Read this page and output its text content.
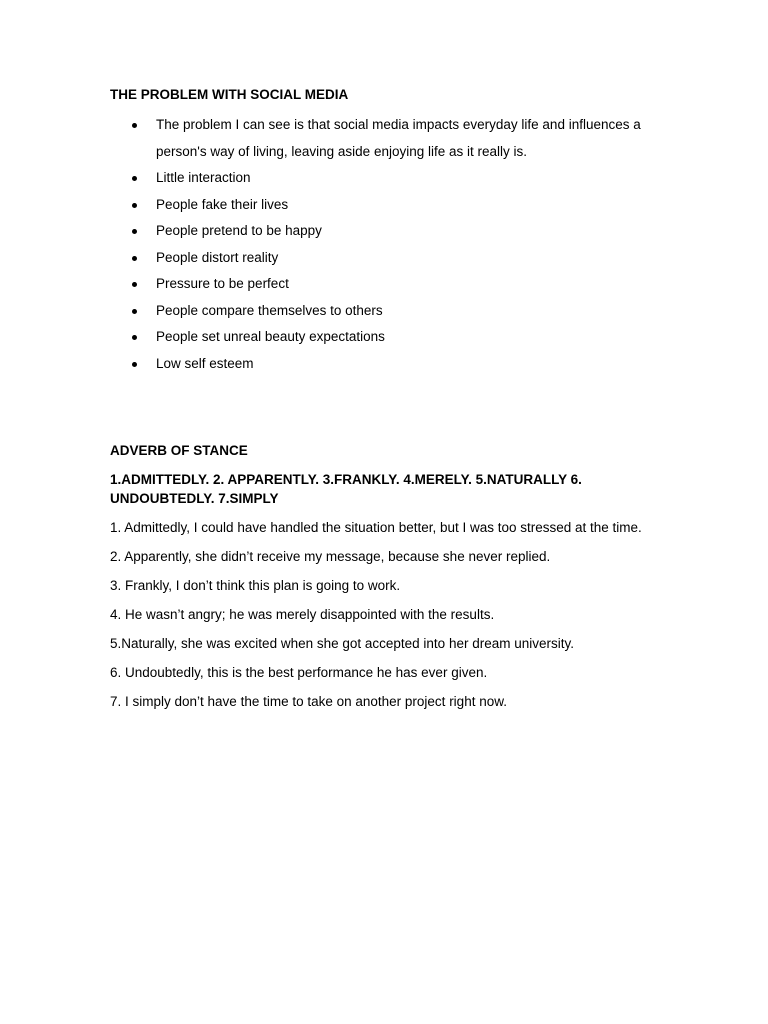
THE PROBLEM WITH SOCIAL MEDIA

The problem I can see is that social media impacts everyday life and influences a person's way of living, leaving aside enjoying life as it really is.
Little interaction
People fake their lives
People pretend to be happy
People distort reality
Pressure to be perfect
People compare themselves to others
People set unreal beauty expectations
Low self esteem

ADVERB OF STANCE

1.ADMITTEDLY. 2. APPARENTLY. 3.FRANKLY. 4.MERELY. 5.NATURALLY 6. UNDOUBTEDLY. 7.SIMPLY

1. Admittedly, I could have handled the situation better, but I was too stressed at the time.
2. Apparently, she didn’t receive my message, because she never replied.
3. Frankly, I don’t think this plan is going to work.
4. He wasn’t angry; he was merely disappointed with the results.
5.Naturally, she was excited when she got accepted into her dream university.
6. Undoubtedly, this is the best performance he has ever given.
7. I simply don’t have the time to take on another project right now.
